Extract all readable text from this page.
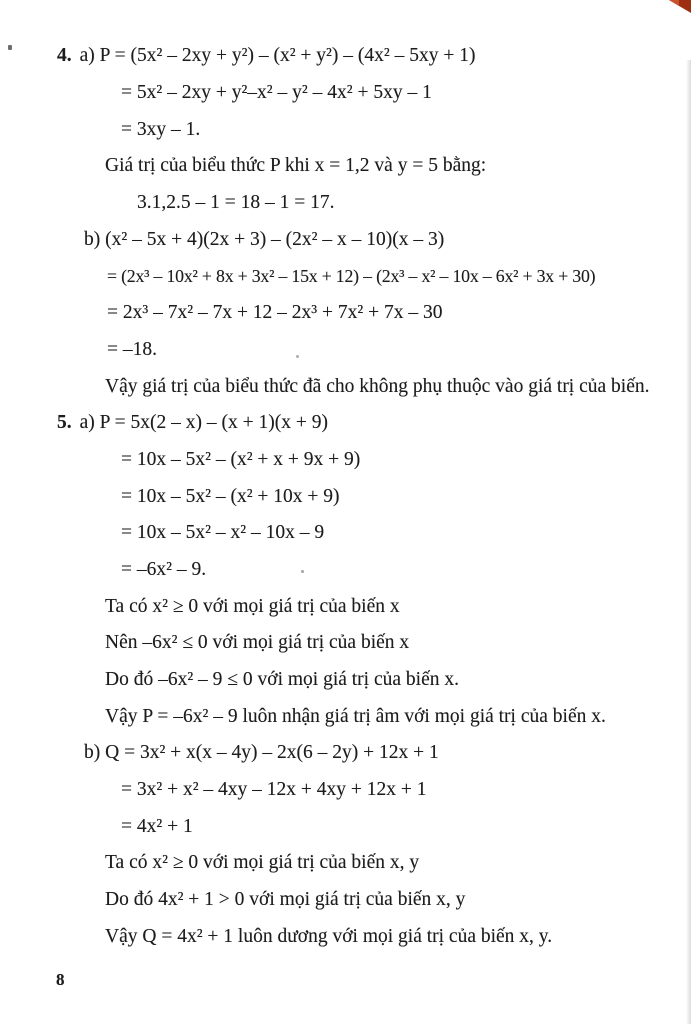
4. a) P = (5x² – 2xy + y²) – (x² + y²) – (4x² – 5xy + 1)
= 5x² – 2xy + y²–x² – y² – 4x² + 5xy – 1
= 3xy – 1.
Giá trị của biểu thức P khi x = 1,2 và y = 5 bằng:
3.1,2.5 – 1 = 18 – 1 = 17.
b) (x² – 5x + 4)(2x + 3) – (2x² – x – 10)(x – 3)
= (2x³ – 10x² + 8x + 3x² – 15x + 12) – (2x³ – x² – 10x – 6x² + 3x + 30)
= 2x³ – 7x² – 7x + 12 – 2x³ + 7x² + 7x – 30
= –18.
Vậy giá trị của biểu thức đã cho không phụ thuộc vào giá trị của biến.
5. a) P = 5x(2 – x) – (x + 1)(x + 9)
= 10x – 5x² – (x² + x + 9x + 9)
= 10x – 5x² – (x² + 10x + 9)
= 10x – 5x² – x² – 10x – 9
= –6x² – 9.
Ta có x² ≥ 0 với mọi giá trị của biến x
Nên –6x² ≤ 0 với mọi giá trị của biến x
Do đó –6x² – 9 ≤ 0 với mọi giá trị của biến x.
Vậy P = –6x² – 9 luôn nhận giá trị âm với mọi giá trị của biến x.
b) Q = 3x² + x(x – 4y) – 2x(6 – 2y) + 12x + 1
= 3x² + x² – 4xy – 12x + 4xy + 12x + 1
= 4x² + 1
Ta có x² ≥ 0 với mọi giá trị của biến x, y
Do đó 4x² + 1 > 0 với mọi giá trị của biến x, y
Vậy Q = 4x² + 1 luôn dương với mọi giá trị của biến x, y.
8
